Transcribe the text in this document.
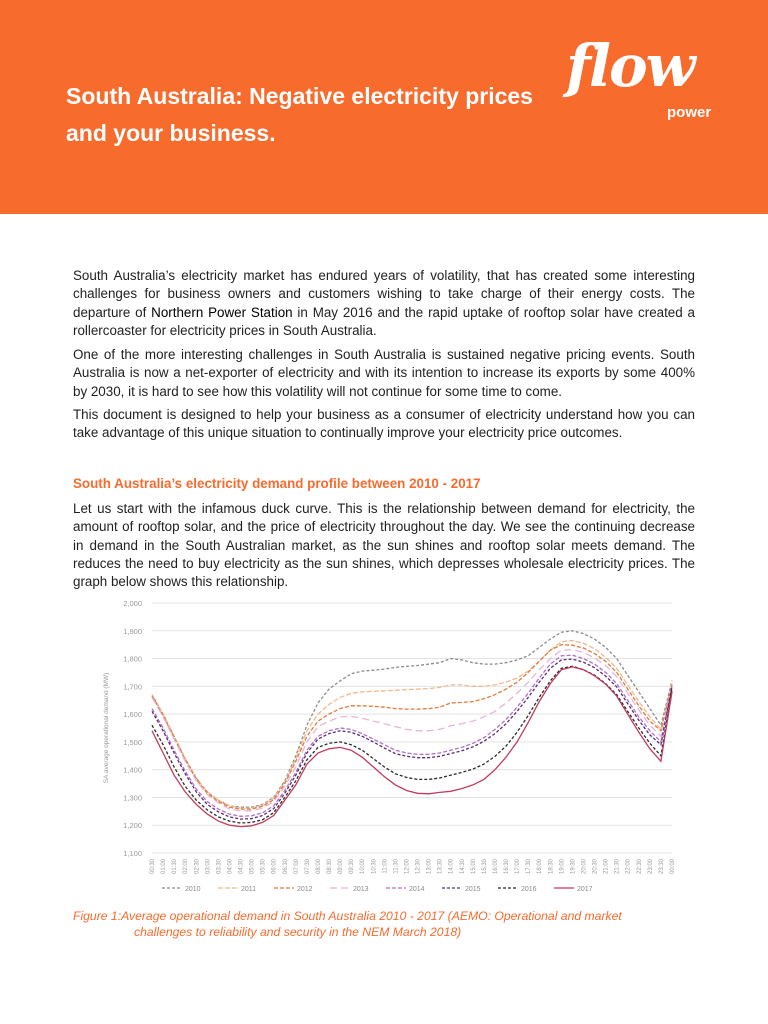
South Australia: Negative electricity prices and your business.
flow
power

South Australia’s electricity market has endured years of volatility, that has created some interesting challenges for business owners and customers wishing to take charge of their energy costs. The departure of Northern Power Station in May 2016 and the rapid uptake of rooftop solar have created a rollercoaster for electricity prices in South Australia.

One of the more interesting challenges in South Australia is sustained negative pricing events. South Australia is now a net-exporter of electricity and with its intention to increase its exports by some 400% by 2030, it is hard to see how this volatility will not continue for some time to come.

This document is designed to help your business as a consumer of electricity understand how you can take advantage of this unique situation to continually improve your electricity price outcomes.

South Australia’s electricity demand profile between 2010 - 2017

Let us start with the infamous duck curve. This is the relationship between demand for electricity, the amount of rooftop solar, and the price of electricity throughout the day. We see the continuing decrease in demand in the South Australian market, as the sun shines and rooftop solar meets demand. The reduces the need to buy electricity as the sun shines, which depresses wholesale electricity prices. The graph below shows this relationship.

2,000
1,900
1,800
1,700
1,600
1,500
1,400
1,300
1,200
1,100
SA average operational demand (MW)
00:30 01:00 01:30 02:00 02:30 03:00 03:30 04:00 04:30 05:00 05:30 06:00 06:30 07:00 07:30 08:00 08:30 09:00 09:30 10:00 10:30 11:00 11:30 12:00 12:30 13:00 13:30 14:00 14:30 15:00 15:30 16:00 16:30 17:00 17:30 18:00 18:30 19:00 19:30 20:00 20:30 21:00 21:30 22:00 22:30 23:00 23:30 00:00
2010	2011	2012	2013	2014	2015	2016	2017
Figure 1:Average operational demand in South Australia 2010 - 2017 (AEMO: Operational and market
challenges to reliability and security in the NEM March 2018)
